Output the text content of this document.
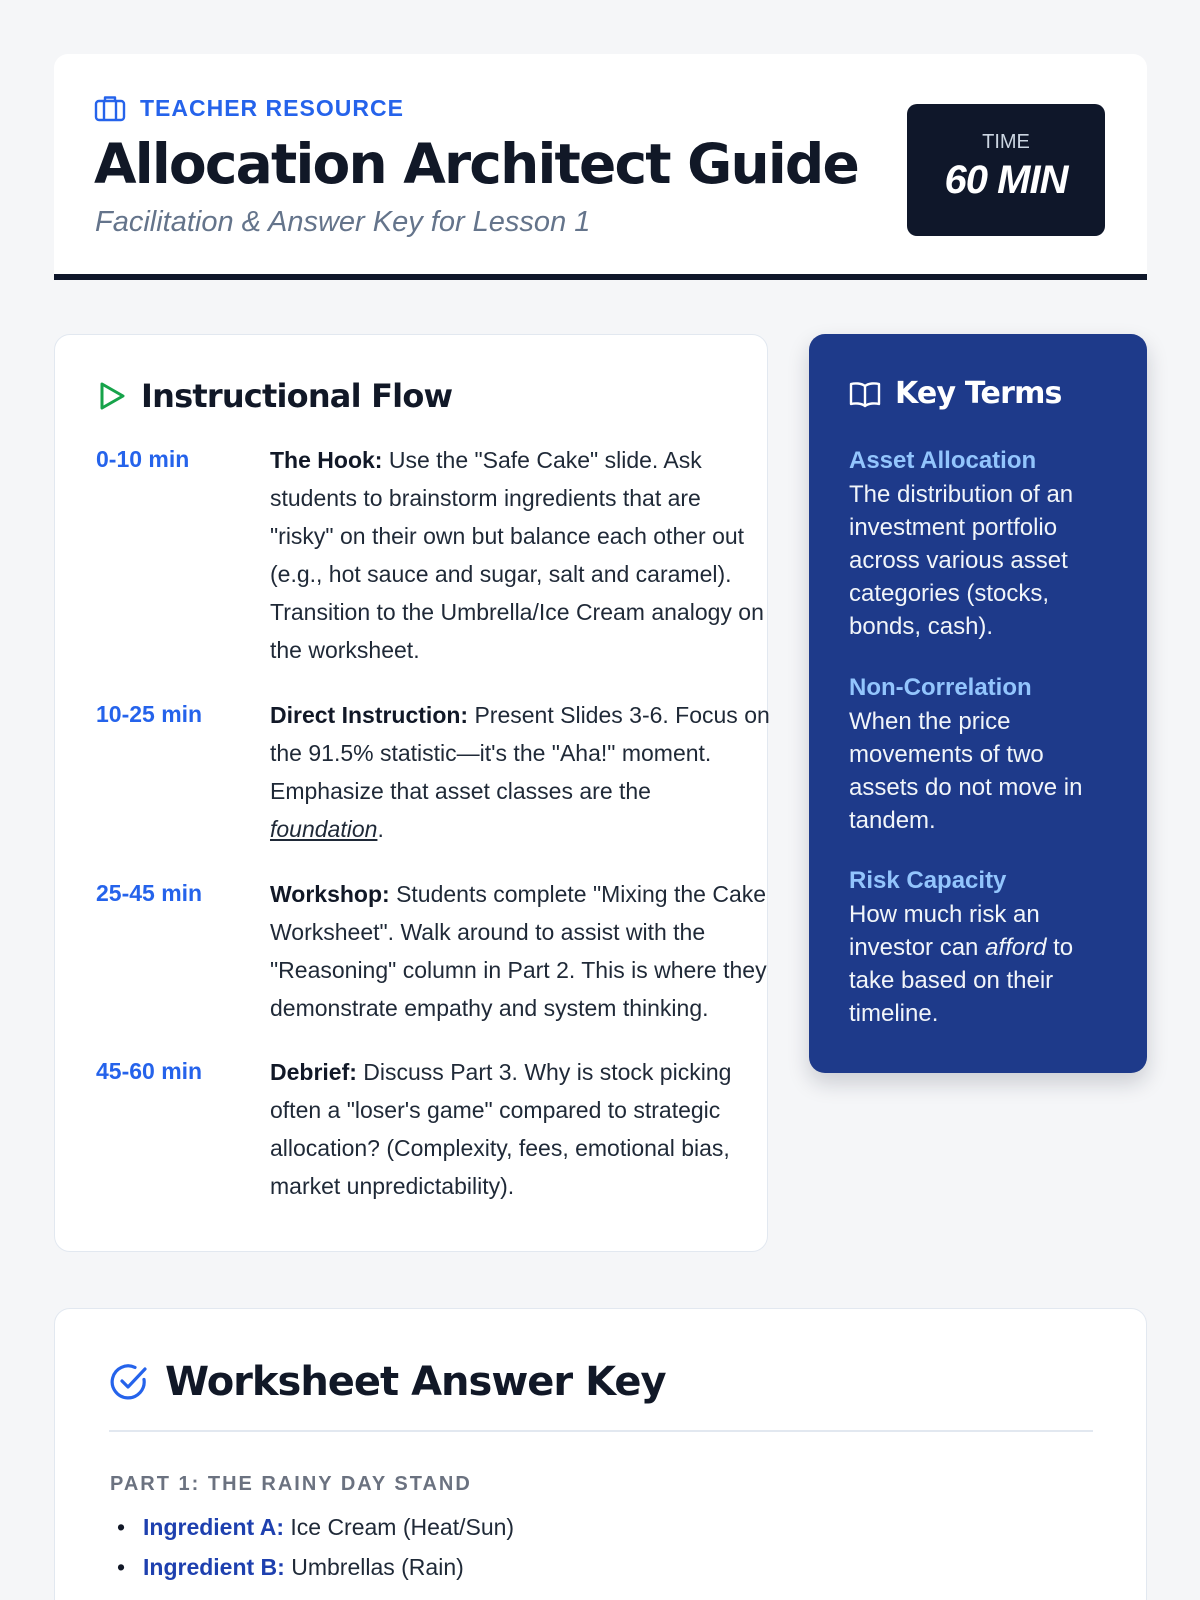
TEACHER RESOURCE
Allocation Architect Guide
Facilitation & Answer Key for Lesson 1
TIME
60 MIN
Instructional Flow
0-10 min	The Hook: Use the "Safe Cake" slide. Ask students to brainstorm ingredients that are "risky" on their own but balance each other out (e.g., hot sauce and sugar, salt and caramel). Transition to the Umbrella/Ice Cream analogy on the worksheet.
10-25 min	Direct Instruction: Present Slides 3-6. Focus on the 91.5% statistic—it's the "Aha!" moment. Emphasize that asset classes are the foundation.
25-45 min	Workshop: Students complete "Mixing the Cake Worksheet". Walk around to assist with the "Reasoning" column in Part 2. This is where they demonstrate empathy and system thinking.
45-60 min	Debrief: Discuss Part 3. Why is stock picking often a "loser's game" compared to strategic allocation? (Complexity, fees, emotional bias, market unpredictability).
Key Terms
Asset Allocation
The distribution of an investment portfolio across various asset categories (stocks, bonds, cash).
Non-Correlation
When the price movements of two assets do not move in tandem.
Risk Capacity
How much risk an investor can afford to take based on their timeline.
Worksheet Answer Key
PART 1: THE RAINY DAY STAND
• Ingredient A: Ice Cream (Heat/Sun)
• Ingredient B: Umbrellas (Rain)
